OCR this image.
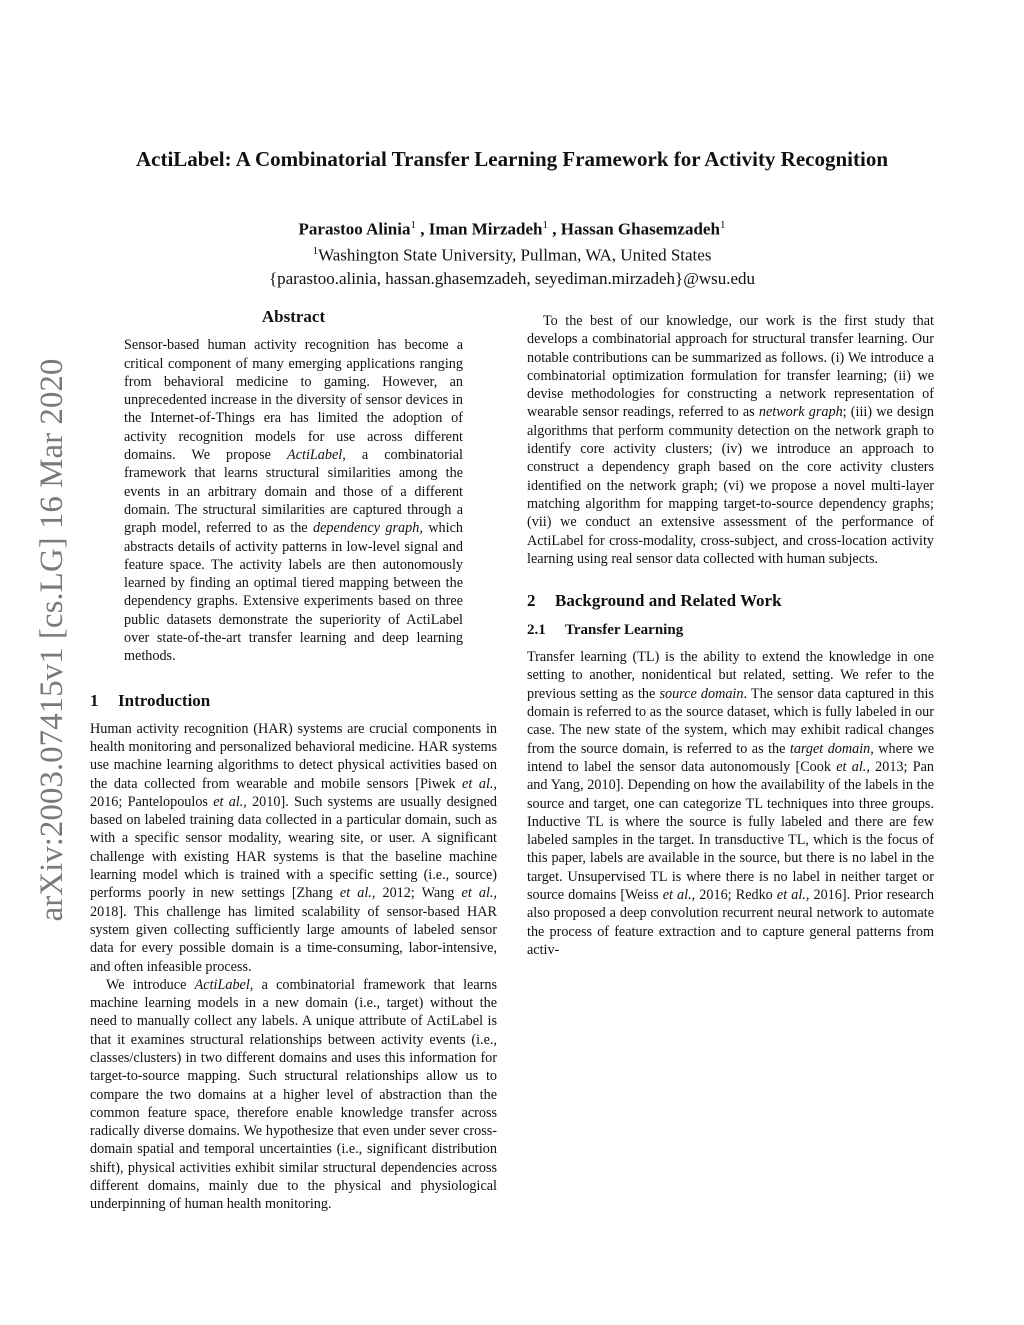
ActiLabel: A Combinatorial Transfer Learning Framework for Activity Recognition
Parastoo Alinia$^1$ , Iman Mirzadeh$^1$ , Hassan Ghasemzadeh$^1$
$^1$Washington State University, Pullman, WA, United States
{parastoo.alinia, hassan.ghasemzadeh, seyediman.mirzadeh}@wsu.edu
arXiv:2003.07415v1 [cs.LG] 16 Mar 2020
Abstract

Sensor-based human activity recognition has become a critical component of many emerging applications ranging from behavioral medicine to gaming. However, an unprecedented increase in the diversity of sensor devices in the Internet-of-Things era has limited the adoption of activity recognition models for use across different domains. We propose ActiLabel, a combinatorial framework that learns structural similarities among the events in an arbitrary domain and those of a different domain. The structural similarities are captured through a graph model, referred to as the dependency graph, which abstracts details of activity patterns in low-level signal and feature space. The activity labels are then autonomously learned by finding an optimal tiered mapping between the dependency graphs. Extensive experiments based on three public datasets demonstrate the superiority of ActiLabel over state-of-the-art transfer learning and deep learning methods.

1 Introduction

Human activity recognition (HAR) systems are crucial components in health monitoring and personalized behavioral medicine. HAR systems use machine learning algorithms to detect physical activities based on the data collected from wearable and mobile sensors [Piwek et al., 2016; Pantelopoulos et al., 2010]. Such systems are usually designed based on labeled training data collected in a particular domain, such as with a specific sensor modality, wearing site, or user. A significant challenge with existing HAR systems is that the baseline machine learning model which is trained with a specific setting (i.e., source) performs poorly in new settings [Zhang et al., 2012; Wang et al., 2018]. This challenge has limited scalability of sensor-based HAR system given collecting sufficiently large amounts of labeled sensor data for every possible domain is a time-consuming, labor-intensive, and often infeasible process.

We introduce ActiLabel, a combinatorial framework that learns machine learning models in a new domain (i.e., target) without the need to manually collect any labels. A unique attribute of ActiLabel is that it examines structural relationships between activity events (i.e., classes/clusters) in two different domains and uses this information for target-to-source mapping. Such structural relationships allow us to compare the two domains at a higher level of abstraction than the common feature space, therefore enable knowledge transfer across radically diverse domains. We hypothesize that even under sever cross-domain spatial and temporal uncertainties (i.e., significant distribution shift), physical activities exhibit similar structural dependencies across different domains, mainly due to the physical and physiological underpinning of human health monitoring.

To the best of our knowledge, our work is the first study that develops a combinatorial approach for structural transfer learning. Our notable contributions can be summarized as follows. (i) We introduce a combinatorial optimization formulation for transfer learning; (ii) we devise methodologies for constructing a network representation of wearable sensor readings, referred to as network graph; (iii) we design algorithms that perform community detection on the network graph to identify core activity clusters; (iv) we introduce an approach to construct a dependency graph based on the core activity clusters identified on the network graph; (vi) we propose a novel multi-layer matching algorithm for mapping target-to-source dependency graphs; (vii) we conduct an extensive assessment of the performance of ActiLabel for cross-modality, cross-subject, and cross-location activity learning using real sensor data collected with human subjects.

2 Background and Related Work
2.1 Transfer Learning

Transfer learning (TL) is the ability to extend the knowledge in one setting to another, nonidentical but related, setting. We refer to the previous setting as the source domain. The sensor data captured in this domain is referred to as the source dataset, which is fully labeled in our case. The new state of the system, which may exhibit radical changes from the source domain, is referred to as the target domain, where we intend to label the sensor data autonomously [Cook et al., 2013; Pan and Yang, 2010]. Depending on how the availability of the labels in the source and target, one can categorize TL techniques into three groups. Inductive TL is where the source is fully labeled and there are few labeled samples in the target. In transductive TL, which is the focus of this paper, labels are available in the source, but there is no label in the target. Unsupervised TL is where there is no label in neither target or source domains [Weiss et al., 2016; Redko et al., 2016]. Prior research also proposed a deep convolution recurrent neural network to automate the process of feature extraction and to capture general patterns from activ-
